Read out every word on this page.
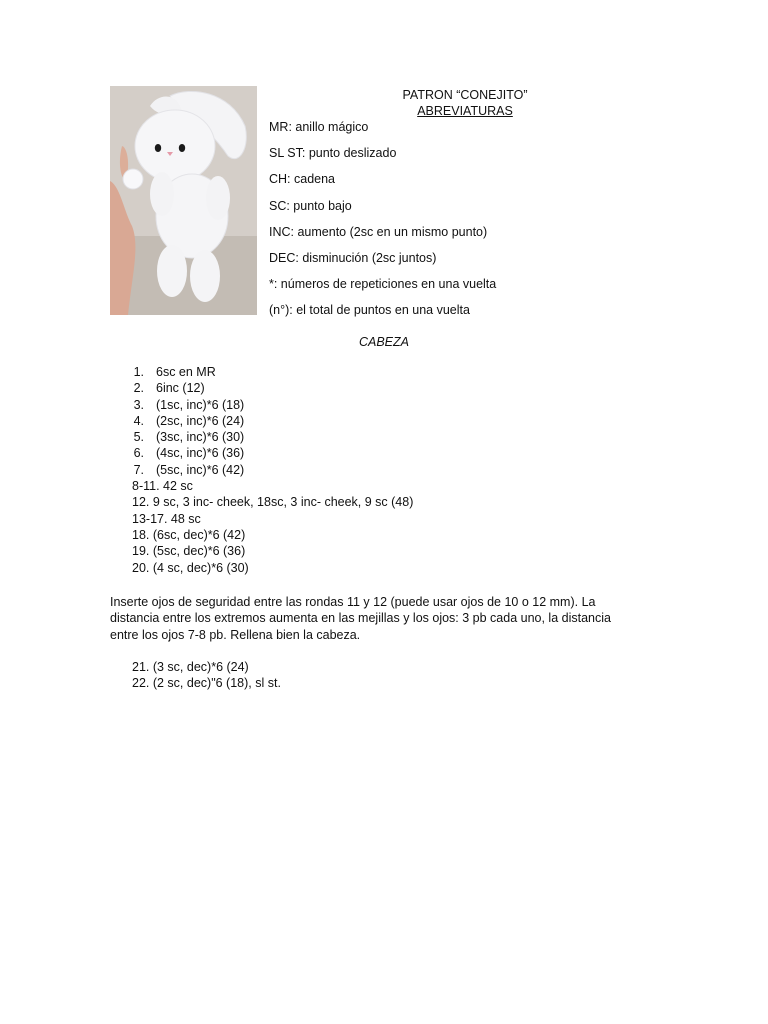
PATRON “CONEJITO”
ABREVIATURAS
MR: anillo mágico
SL ST: punto deslizado
CH: cadena
SC: punto bajo
INC: aumento (2sc en un mismo punto)
DEC: disminución (2sc juntos)
*: números de repeticiones en una vuelta
(n°): el total de puntos en una vuelta
CABEZA
1. 6sc en MR
2. 6inc (12)
3. (1sc, inc)*6 (18)
4. (2sc, inc)*6 (24)
5. (3sc, inc)*6 (30)
6. (4sc, inc)*6 (36)
7. (5sc, inc)*6 (42)
8-11. 42 sc
12. 9 sc, 3 inc- cheek, 18sc, 3 inc- cheek, 9 sc (48)
13-17. 48 sc
18. (6sc, dec)*6 (42)
19. (5sc, dec)*6 (36)
20. (4 sc, dec)*6 (30)

Inserte ojos de seguridad entre las rondas 11 y 12 (puede usar ojos de 10 o 12 mm). La distancia entre los extremos aumenta en las mejillas y los ojos: 3 pb cada uno, la distancia entre los ojos 7-8 pb. Rellena bien la cabeza.

21. (3 sc, dec)*6 (24)
22. (2 sc, dec)"6 (18), sl st.
